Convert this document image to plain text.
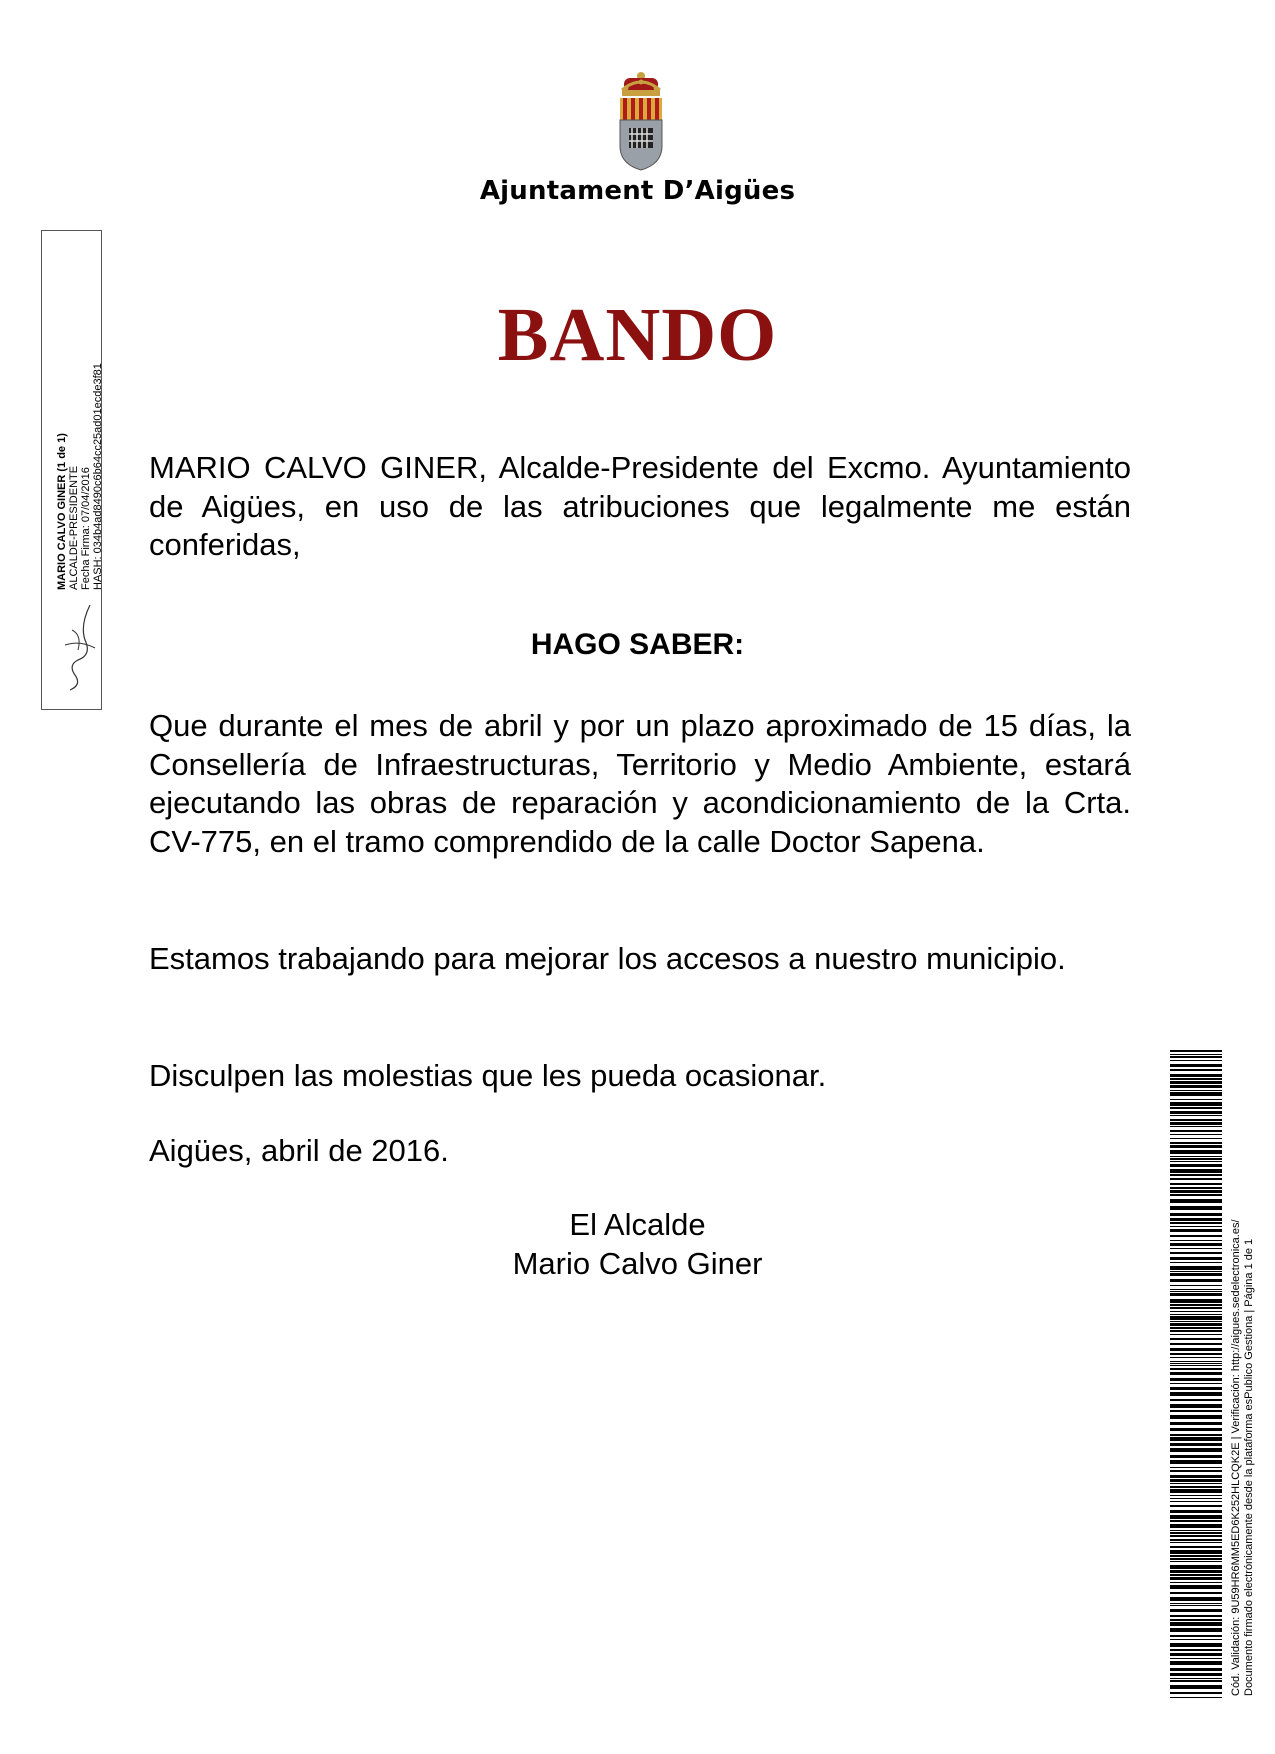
Ajuntament D’Aigües
BANDO
MARIO CALVO GINER, Alcalde-Presidente del Excmo. Ayuntamiento de Aigües, en uso de las atribuciones que legalmente me están conferidas,
HAGO SABER:
Que durante el mes de abril y por un plazo aproximado de 15 días, la Consellería de Infraestructuras, Territorio y Medio Ambiente, estará ejecutando las obras de reparación y acondicionamiento de la Crta. CV-775, en el tramo comprendido de la calle Doctor Sapena.
Estamos trabajando para mejorar los accesos a nuestro municipio.
Disculpen las molestias que les pueda ocasionar.
Aigües, abril de 2016.
El Alcalde
Mario Calvo Giner
MARIO CALVO GINER (1 de 1) ALCALDE-PRESIDENTE Fecha Firma: 07/04/2016 HASH: 034b4ad8490c6b64cc25ad01ecde3f81
Cód. Validación: 9U59HR6MM5ED6K252HLCQK2E | Verificación: http://aigues.sedelectronica.es/ Documento firmado electrónicamente desde la plataforma esPublico Gestiona | Página 1 de 1
